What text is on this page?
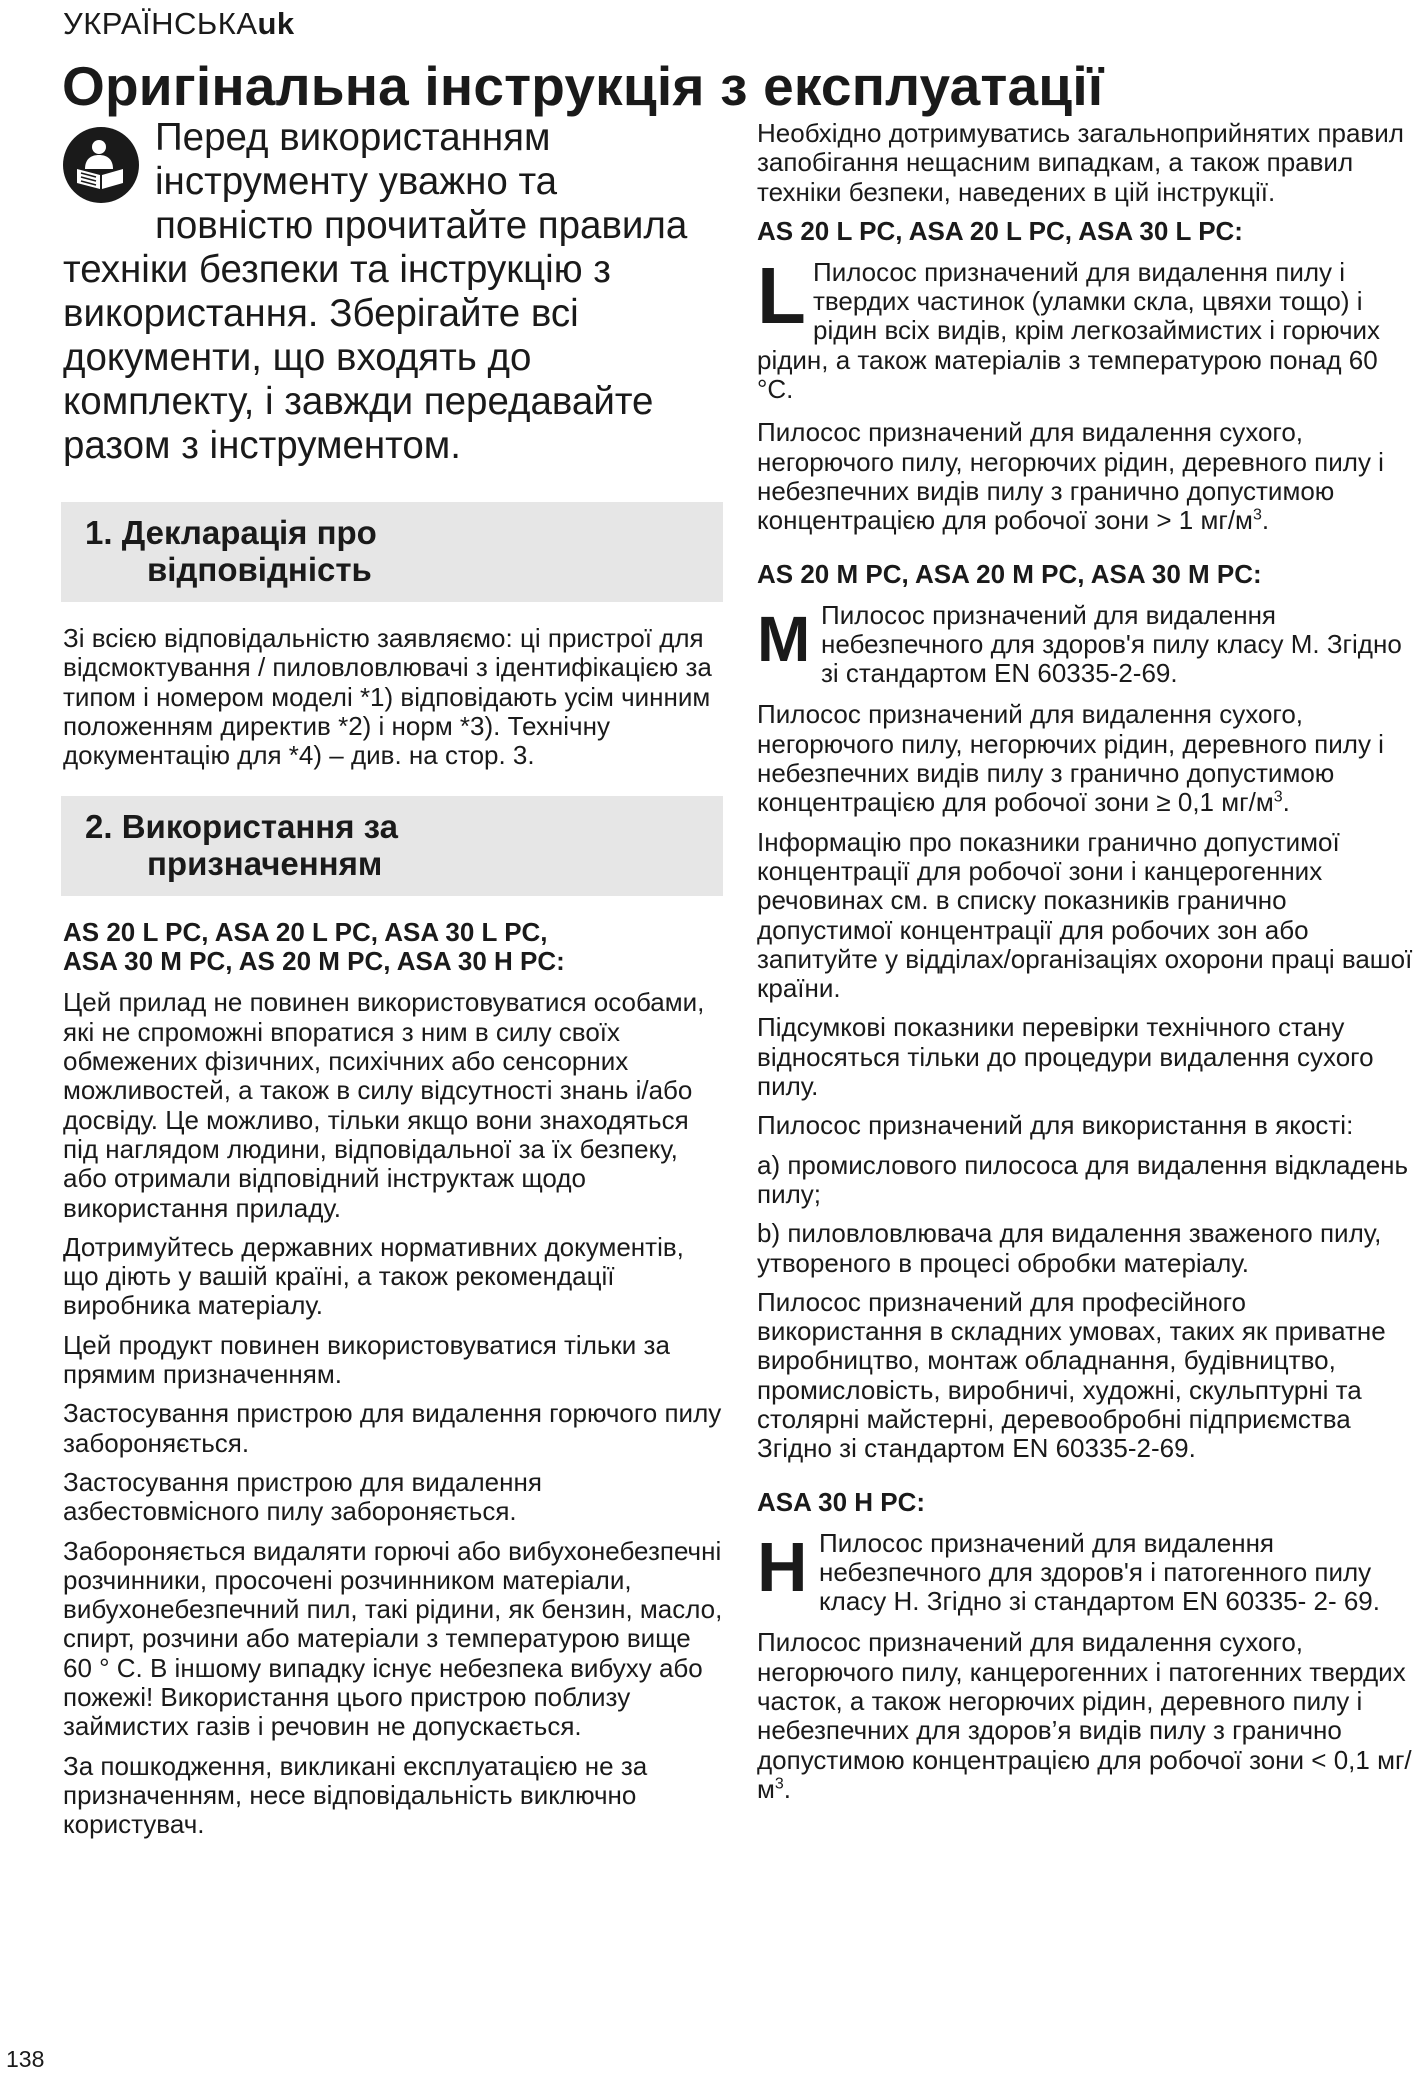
УКРАЇНСЬКАuk
Оригінальна інструкція з експлуатації
Перед використанням інструменту уважно та повністю прочитайте правила техніки безпеки та інструкцію з використання. Зберігайте всі документи, що входять до комплекту, і завжди передавайте разом з інструментом.
1. Декларація про
відповідність

Зі всією відповідальністю заявляємо: ці пристрої для відсмоктування / пиловловлювачі з ідентифікацією за типом і номером моделі *1) відповідають усім чинним положенням директив *2) і норм *3). Технічну документацію для *4) – див. на стор. 3.

2. Використання за
призначенням
AS 20 L PC, ASA 20 L PC, ASA 30 L PC,
ASA 30 M PC, AS 20 M PC, ASA 30 H PC:

Цей прилад не повинен використовуватися особами, які не спроможні впоратися з ним в силу своїх обмежених фізичних, психічних або сенсорних можливостей, а також в силу відсутності знань і/або досвіду. Це можливо, тільки якщо вони знаходяться під наглядом людини, відповідальної за їх безпеку, або отримали відповідний інструктаж щодо використання приладу.

Дотримуйтесь державних нормативних документів, що діють у вашій країні, а також рекомендації виробника матеріалу.

Цей продукт повинен використовуватися тільки за прямим призначенням.

Застосування пристрою для видалення горючого пилу забороняється.

Застосування пристрою для видалення азбестовмісного пилу забороняється.

Забороняється видаляти горючі або вибухонебезпечні розчинники, просочені розчинником матеріали, вибухонебезпечний пил, такі рідини, як бензин, масло, спирт, розчини або матеріали з температурою вище 60 ° C. В іншому випадку існує небезпека вибуху або пожежі! Використання цього пристрою поблизу займистих газів і речовин не допускається.

За пошкодження, викликані експлуатацією не за призначенням, несе відповідальність виключно користувач.

Необхідно дотримуватись загальноприйнятих правил запобігання нещасним випадкам, а також правил техніки безпеки, наведених в цій інструкції.

AS 20 L PC, ASA 20 L PC, ASA 30 L PC:
L Пилосос призначений для видалення пилу і твердих частинок (уламки скла, цвяхи тощо) і рідин всіх видів, крім легкозаймистих і горючих рідин, а також матеріалів з температурою понад 60 °C.

Пилосос призначений для видалення сухого, негорючого пилу, негорючих рідин, деревного пилу і небезпечних видів пилу з гранично допустимою концентрацією для робочої зони > 1 $мг/м^3$.

AS 20 M PC, ASA 20 M PC, ASA 30 M PC:
M Пилосос призначений для видалення небезпечного для здоров'я пилу класу M. Згідно зі стандартом EN 60335-2-69.

Пилосос призначений для видалення сухого, негорючого пилу, негорючих рідин, деревного пилу і небезпечних видів пилу з гранично допустимою концентрацією для робочої зони ≥ 0,1 $мг/м^3$.

Інформацію про показники гранично допустимої концентрації для робочої зони і канцерогенних речовинах см. в списку показників гранично допустимої концентрації для робочих зон або запитуйте у відділах/організаціях охорони праці вашої країни.

Підсумкові показники перевірки технічного стану відносяться тільки до процедури видалення сухого пилу.

Пилосос призначений для використання в якості:

а) промислового пилососа для видалення відкладень пилу;

b) пиловловлювача для видалення зваженого пилу, утвореного в процесі обробки матеріалу.

Пилосос призначений для професійного використання в складних умовах, таких як приватне виробництво, монтаж обладнання, будівництво, промисловість, виробничі, художні, скульптурні та столярні майстерні, деревообробні підприємства Згідно зі стандартом EN 60335-2-69.

ASA 30 H PC:
H Пилосос призначений для видалення небезпечного для здоров'я і патогенного пилу класу H. Згідно зі стандартом EN 60335- 2- 69.

Пилосос призначений для видалення сухого, негорючого пилу, канцерогенних і патогенних твердих часток, а також негорючих рідин, деревного пилу і небезпечних для здоров’я видів пилу з гранично допустимою концентрацією для робочої зони < 0,1 $мг/м^3$.

138
